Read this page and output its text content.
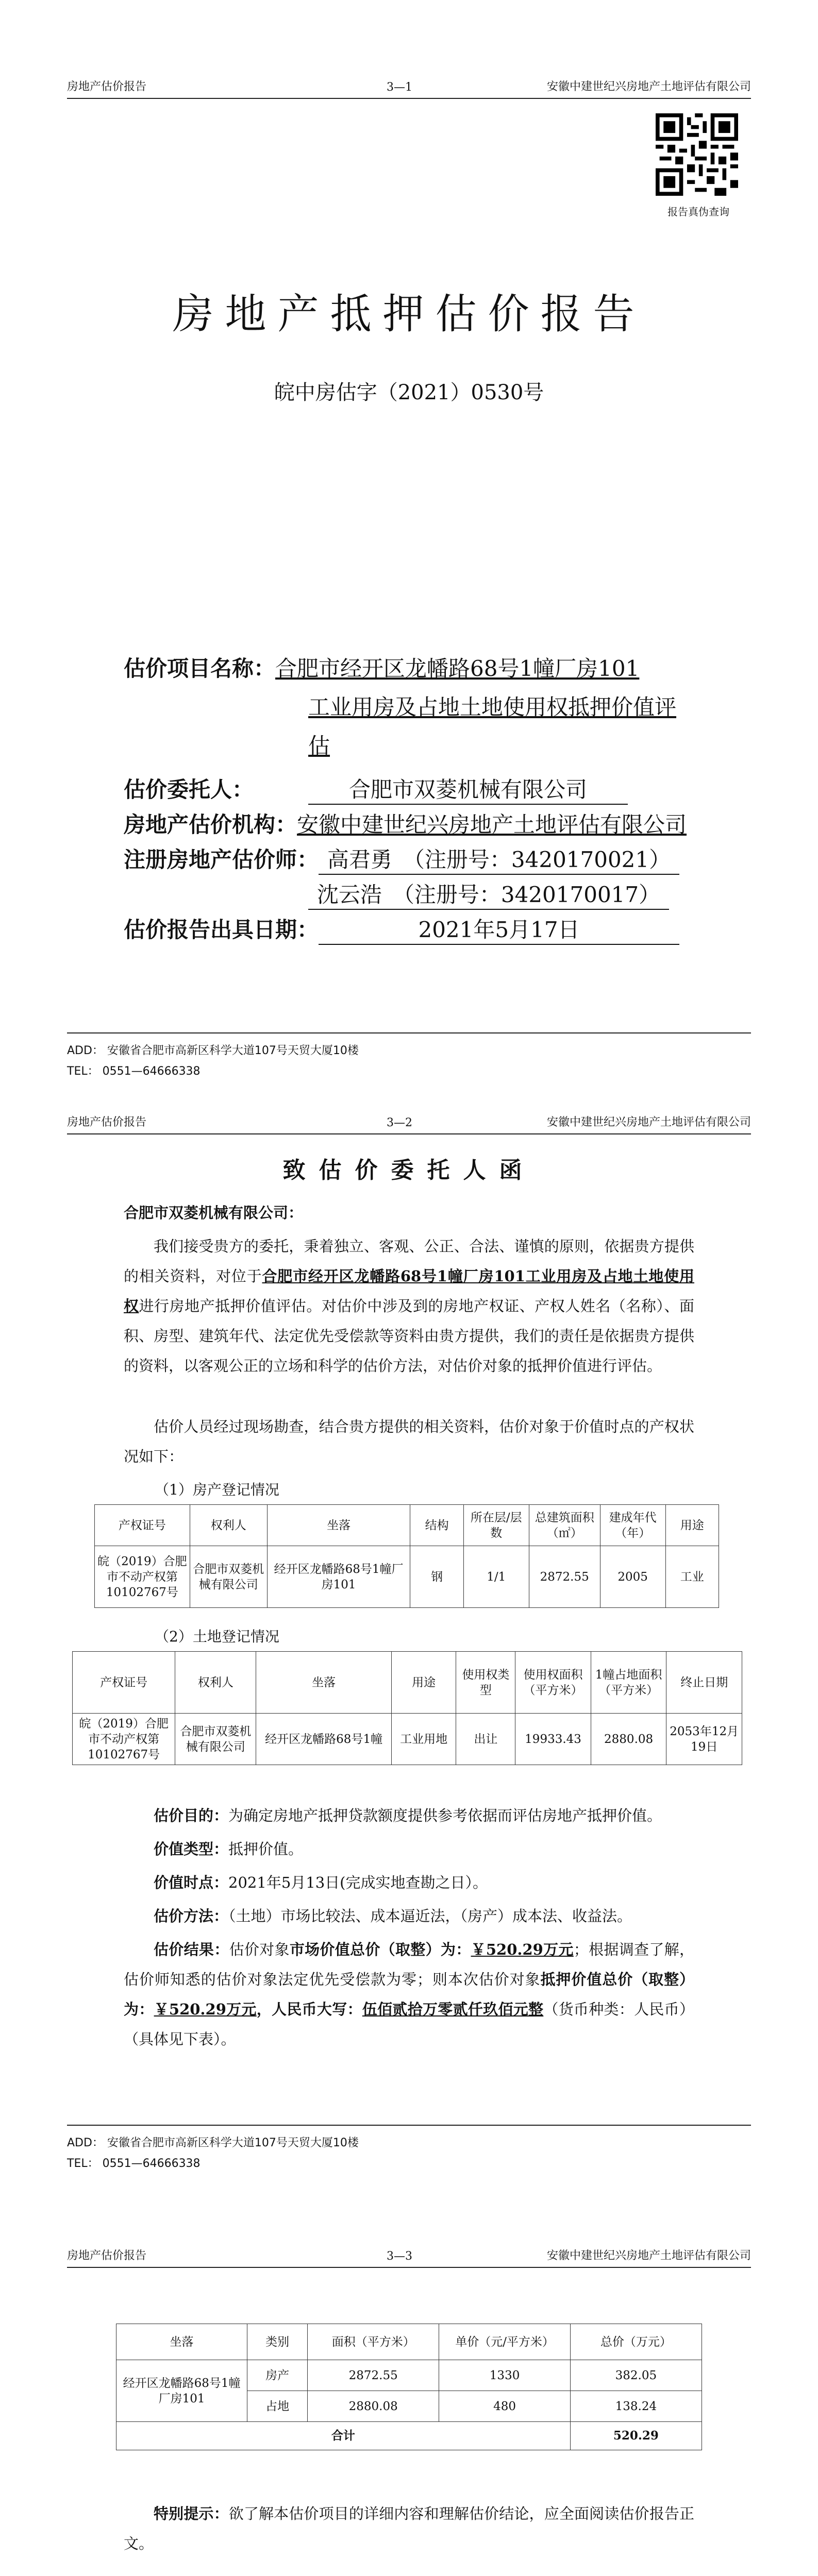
房地产估价报告	3—1	安徽中建世纪兴房地产土地评估有限公司
报告真伪查询
房地产抵押估价报告
皖中房估字（2021）0530号
估价项目名称：合肥市经开区龙幡路68号1幢厂房101
工业用房及占地土地使用权抵押价值评
估
估价委托人：	合肥市双菱机械有限公司
房地产估价机构：安徽中建世纪兴房地产土地评估有限公司
注册房地产估价师： 高君勇　（注册号：3420170021）
沈云浩　（注册号：3420170017）
估价报告出具日期：	2021年5月17日
ADD： 安徽省合肥市高新区科学大道107号天贸大厦10楼
TEL： 0551—64666338
房地产估价报告	3—2	安徽中建世纪兴房地产土地评估有限公司
致估价委托人函
合肥市双菱机械有限公司：
我们接受贵方的委托，秉着独立、客观、公正、合法、谨慎的原则，依据贵方提供的相关资料，对位于合肥市经开区龙幡路68号1幢厂房101工业用房及占地土地使用权进行房地产抵押价值评估。对估价中涉及到的房地产权证、产权人姓名（名称）、面积、房型、建筑年代、法定优先受偿款等资料由贵方提供，我们的责任是依据贵方提供的资料，以客观公正的立场和科学的估价方法，对估价对象的抵押价值进行评估。
估价人员经过现场勘查，结合贵方提供的相关资料，估价对象于价值时点的产权状况如下：
（1）房产登记情况
产权证号	权利人	坐落	结构	所在层/层数	总建筑面积（㎡）	建成年代（年）	用途
皖（2019）合肥市不动产权第10102767号	合肥市双菱机械有限公司	经开区龙幡路68号1幢厂房101	钢	1/1	2872.55	2005	工业
（2）土地登记情况
产权证号	权利人	坐落	用途	使用权类型	使用权面积（平方米）	1幢占地面积（平方米）	终止日期
皖（2019）合肥市不动产权第10102767号	合肥市双菱机械有限公司	经开区龙幡路68号1幢	工业用地	出让	19933.43	2880.08	2053年12月19日
估价目的：为确定房地产抵押贷款额度提供参考依据而评估房地产抵押价值。
价值类型：抵押价值。
价值时点：2021年5月13日(完成实地查勘之日）。
估价方法：（土地）市场比较法、成本逼近法，（房产）成本法、收益法。
估价结果：估价对象市场价值总价（取整）为：￥520.29万元；根据调查了解，估价师知悉的估价对象法定优先受偿款为零；则本次估价对象抵押价值总价（取整）为：￥520.29万元，人民币大写：伍佰贰拾万零贰仟玖佰元整（货币种类：人民币）（具体见下表）。
ADD： 安徽省合肥市高新区科学大道107号天贸大厦10楼
TEL： 0551—64666338
房地产估价报告	3—3	安徽中建世纪兴房地产土地评估有限公司
坐落	类别	面积（平方米）	单价（元/平方米）	总价（万元）
经开区龙幡路68号1幢厂房101	房产	2872.55	1330	382.05
	占地	2880.08	480	138.24
合计				520.29
特别提示：欲了解本估价项目的详细内容和理解估价结论，应全面阅读估价报告正文。
